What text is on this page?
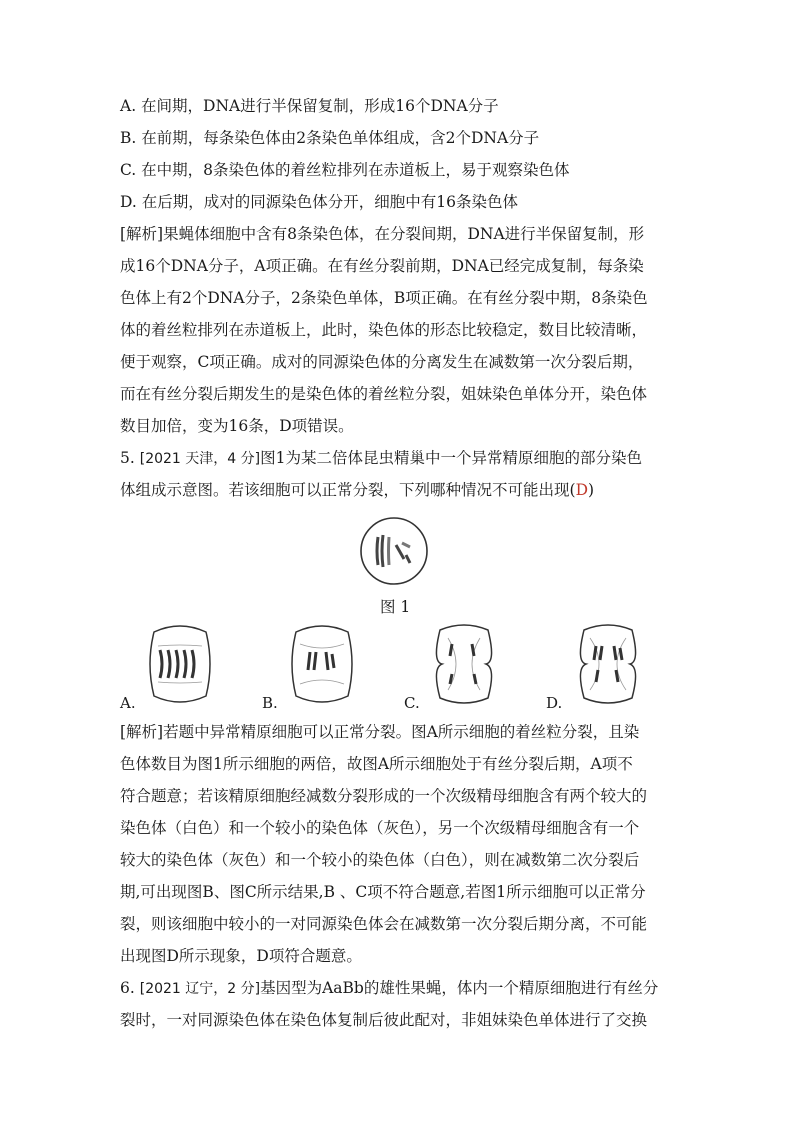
A. 在间期，DNA进行半保留复制，形成16个DNA分子
B. 在前期，每条染色体由2条染色单体组成，含2个DNA分子
C. 在中期，8条染色体的着丝粒排列在赤道板上，易于观察染色体
D. 在后期，成对的同源染色体分开，细胞中有16条染色体
[解析]果蝇体细胞中含有8条染色体，在分裂间期，DNA进行半保留复制，形
成16个DNA分子，A项正确。在有丝分裂前期，DNA已经完成复制，每条染
色体上有2个DNA分子，2条染色单体，B项正确。在有丝分裂中期，8条染色
体的着丝粒排列在赤道板上，此时，染色体的形态比较稳定，数目比较清晰，
便于观察，C项正确。成对的同源染色体的分离发生在减数第一次分裂后期，
而在有丝分裂后期发生的是染色体的着丝粒分裂，姐妹染色单体分开，染色体
数目加倍，变为16条，D项错误。
5. [2021 天津，4 分]图1为某二倍体昆虫精巢中一个异常精原细胞的部分染色
体组成示意图。若该细胞可以正常分裂，下列哪种情况不可能出现(D)
图 1
A.	B.	C.	D.
[解析]若题中异常精原细胞可以正常分裂。图A所示细胞的着丝粒分裂，且染
色体数目为图1所示细胞的两倍，故图A所示细胞处于有丝分裂后期，A项不
符合题意；若该精原细胞经减数分裂形成的一个次级精母细胞含有两个较大的
染色体（白色）和一个较小的染色体（灰色），另一个次级精母细胞含有一个
较大的染色体（灰色）和一个较小的染色体（白色），则在减数第二次分裂后
期,可出现图B、图C所示结果,B 、C项不符合题意,若图1所示细胞可以正常分
裂，则该细胞中较小的一对同源染色体会在减数第一次分裂后期分离，不可能
出现图D所示现象，D项符合题意。
6. [2021 辽宁，2 分]基因型为AaBb的雄性果蝇，体内一个精原细胞进行有丝分
裂时，一对同源染色体在染色体复制后彼此配对，非姐妹染色单体进行了交换
